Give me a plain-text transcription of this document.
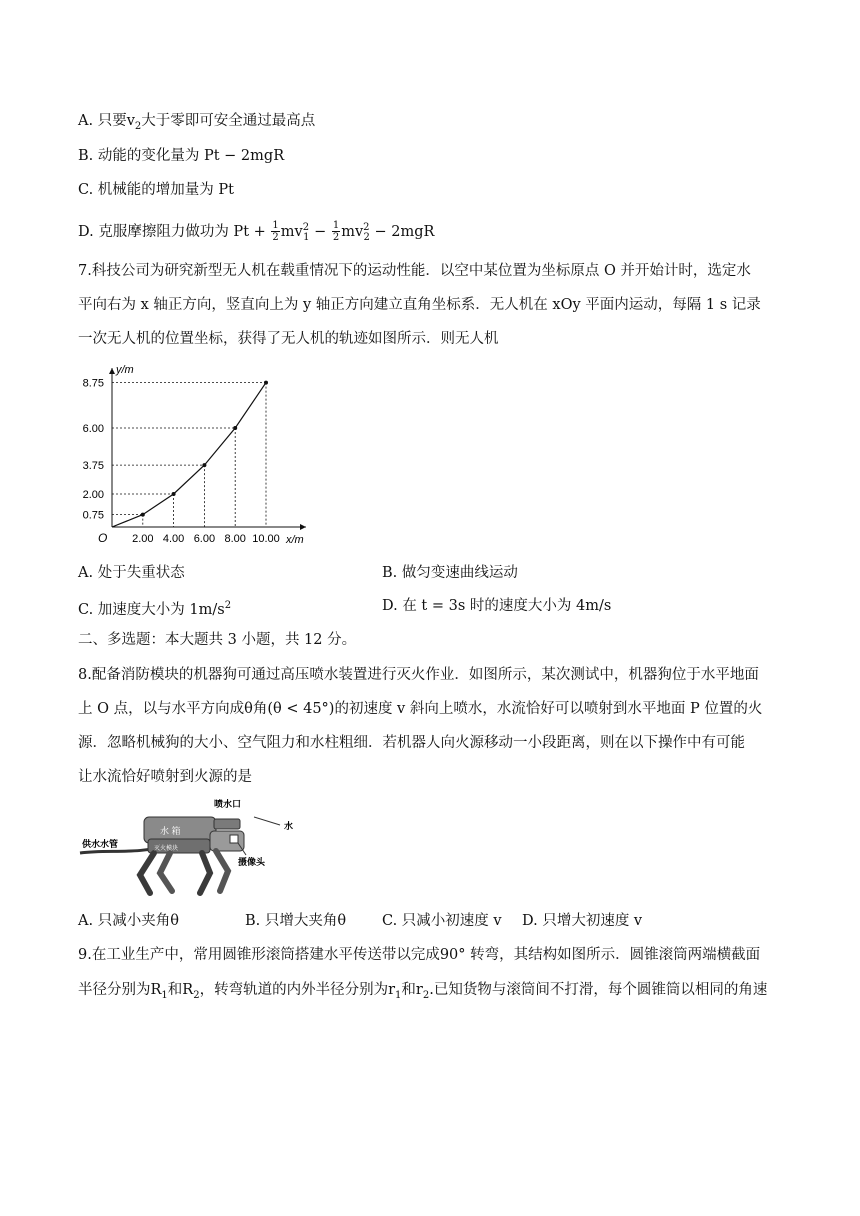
A. 只要$v_2$大于零即可安全通过最高点
B. 动能的变化量为 Pt − 2mgR
C. 机械能的增加量为 Pt
D. 克服摩擦阻力做功为 $Pt + \frac{1}{2} mv^2_1 - \frac{1}{2} mv^2_2 - 2mgR$
7.科技公司为研究新型无人机在载重情况下的运动性能．以空中某位置为坐标原点 O 并开始计时，选定水
平向右为 x 轴正方向，竖直向上为 y 轴正方向建立直角坐标系．无人机在 xOy 平面内运动，每隔 1 s 记录
一次无人机的位置坐标，获得了无人机的轨迹如图所示．则无人机
2.00 4.00 6.00 8.00 10.00
0.75
2.00
3.75
6.00
8.75
y/m
x/m
O
A. 处于失重状态	B. 做匀变速曲线运动
C. 加速度大小为 $1m/s^2$	D. 在 t = 3s 时的速度大小为 4m/s
二、多选题：本大题共 3 小题，共 12 分。
8.配备消防模块的机器狗可通过高压喷水装置进行灭火作业．如图所示，某次测试中，机器狗位于水平地面
上 O 点，以与水平方向成θ角(θ < 45°)的初速度 v 斜向上喷水，水流恰好可以喷射到水平地面 P 位置的火
源．忽略机械狗的大小、空气阻力和水柱粗细．若机器人向火源移动一小段距离，则在以下操作中有可能
让水流恰好喷射到火源的是
水 箱
灭火模块
喷水口
水
供水水管
摄像头
A. 只减小夹角θ	B. 只增大夹角θ C. 只减小初速度 v D. 只增大初速度 v
9.在工业生产中，常用圆锥形滚筒搭建水平传送带以完成90° 转弯，其结构如图所示．圆锥滚筒两端横截面
半径分别为$R_1$和$R_2$，转弯轨道的内外半径分别为$r_1$和$r_2$.已知货物与滚筒间不打滑，每个圆锥筒以相同的角速
